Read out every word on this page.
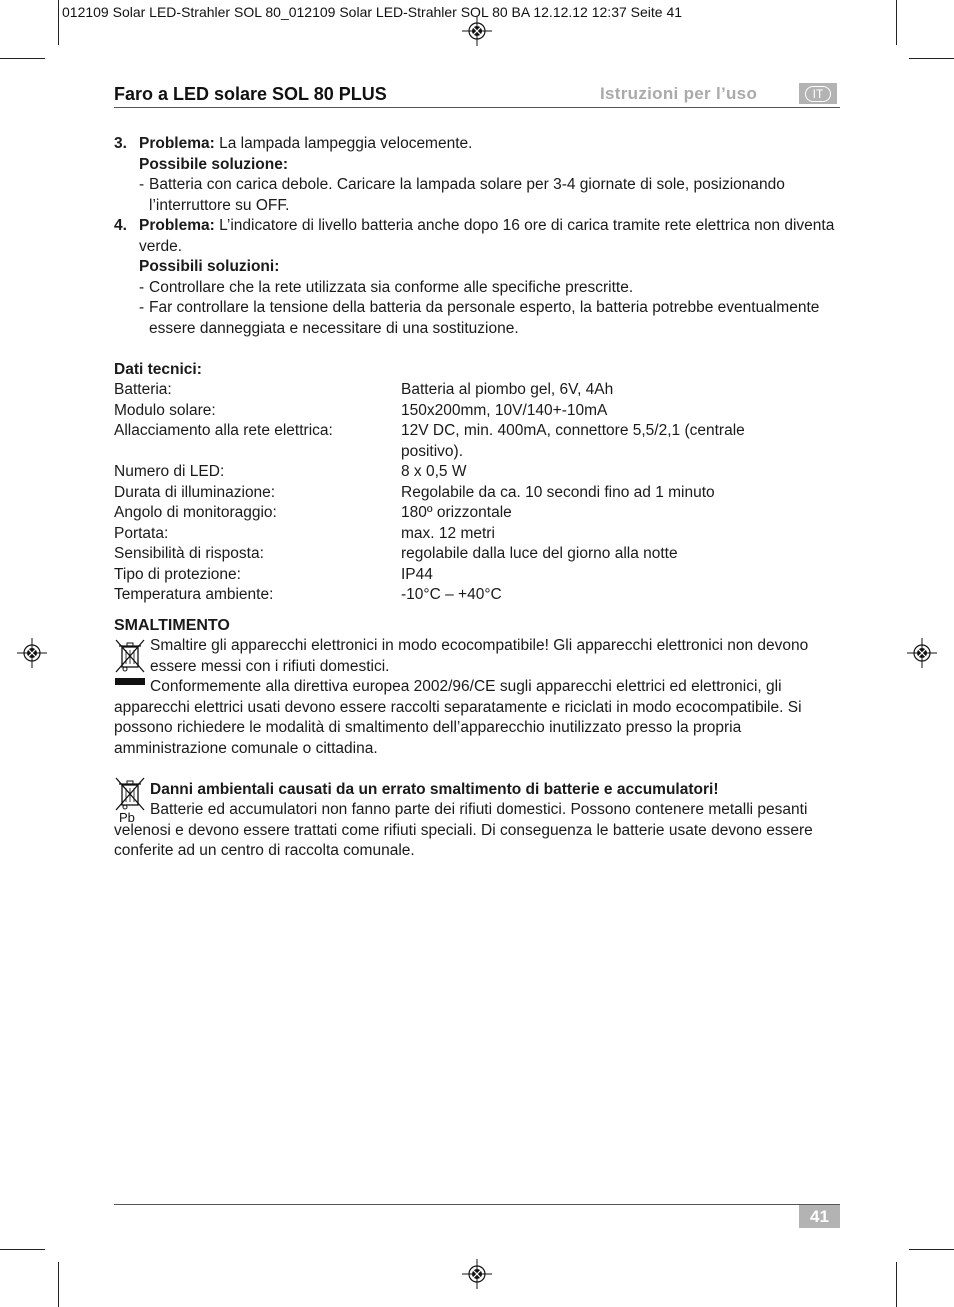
012109 Solar LED-Strahler SOL 80_012109 Solar LED-Strahler SOL 80 BA 12.12.12 12:37 Seite 41
Faro a LED solare SOL 80 PLUS	Istruzioni per l’uso	IT
3. Problema: La lampada lampeggia velocemente.
Possibile soluzione:
- Batteria con carica debole. Caricare la lampada solare per 3-4 giornate di sole, posizionando l’interruttore su OFF.
4. Problema: L’indicatore di livello batteria anche dopo 16 ore di carica tramite rete elettrica non diventa verde.
Possibili soluzioni:
- Controllare che la rete utilizzata sia conforme alle specifiche prescritte.
- Far controllare la tensione della batteria da personale esperto, la batteria potrebbe eventualmente essere danneggiata e necessitare di una sostituzione.
Dati tecnici:
Batteria:	Batteria al piombo gel, 6V, 4Ah
Modulo solare:	150x200mm, 10V/140+-10mA
Allacciamento alla rete elettrica:	12V DC, min. 400mA, connettore 5,5/2,1 (centrale positivo).
Numero di LED:	8 x 0,5 W
Durata di illuminazione:	Regolabile da ca. 10 secondi fino ad 1 minuto
Angolo di monitoraggio:	180º orizzontale
Portata:	max. 12 metri
Sensibilità di risposta:	regolabile dalla luce del giorno alla notte
Tipo di protezione:	IP44
Temperatura ambiente:	-10°C – +40°C
SMALTIMENTO
Smaltire gli apparecchi elettronici in modo ecocompatibile! Gli apparecchi elettronici non devono essere messi con i rifiuti domestici.
Conformemente alla direttiva europea 2002/96/CE sugli apparecchi elettrici ed elettronici, gli apparecchi elettrici usati devono essere raccolti separatamente e riciclati in modo ecocompatibile. Si possono richiedere le modalità di smaltimento dell’apparecchio inutilizzato presso la propria amministrazione comunale o cittadina.
Pb
Danni ambientali causati da un errato smaltimento di batterie e accumulatori!
Batterie ed accumulatori non fanno parte dei rifiuti domestici. Possono contenere metalli pesanti velenosi e devono essere trattati come rifiuti speciali. Di conseguenza le batterie usate devono essere conferite ad un centro di raccolta comunale.
41
